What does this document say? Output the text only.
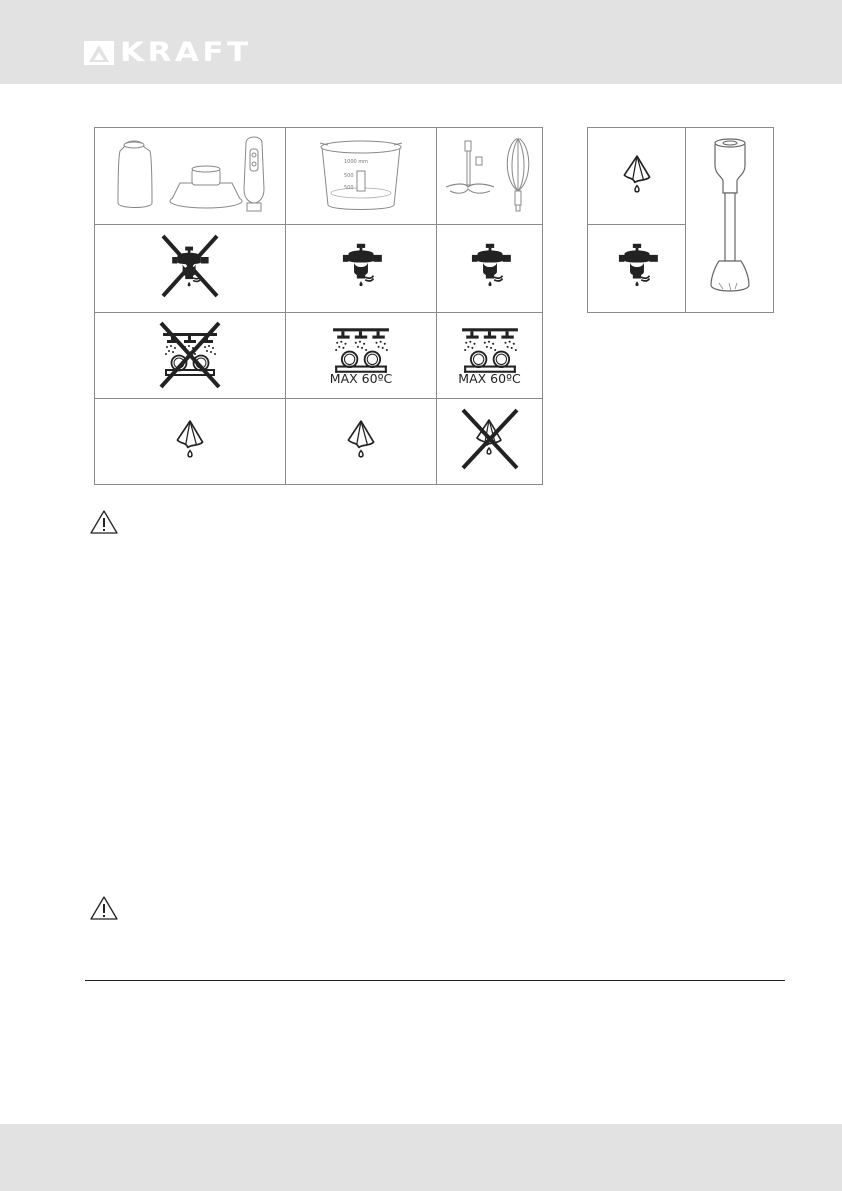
KRAFT

1000 mm
500
500

MAX 60ºC	MAX 60ºC
